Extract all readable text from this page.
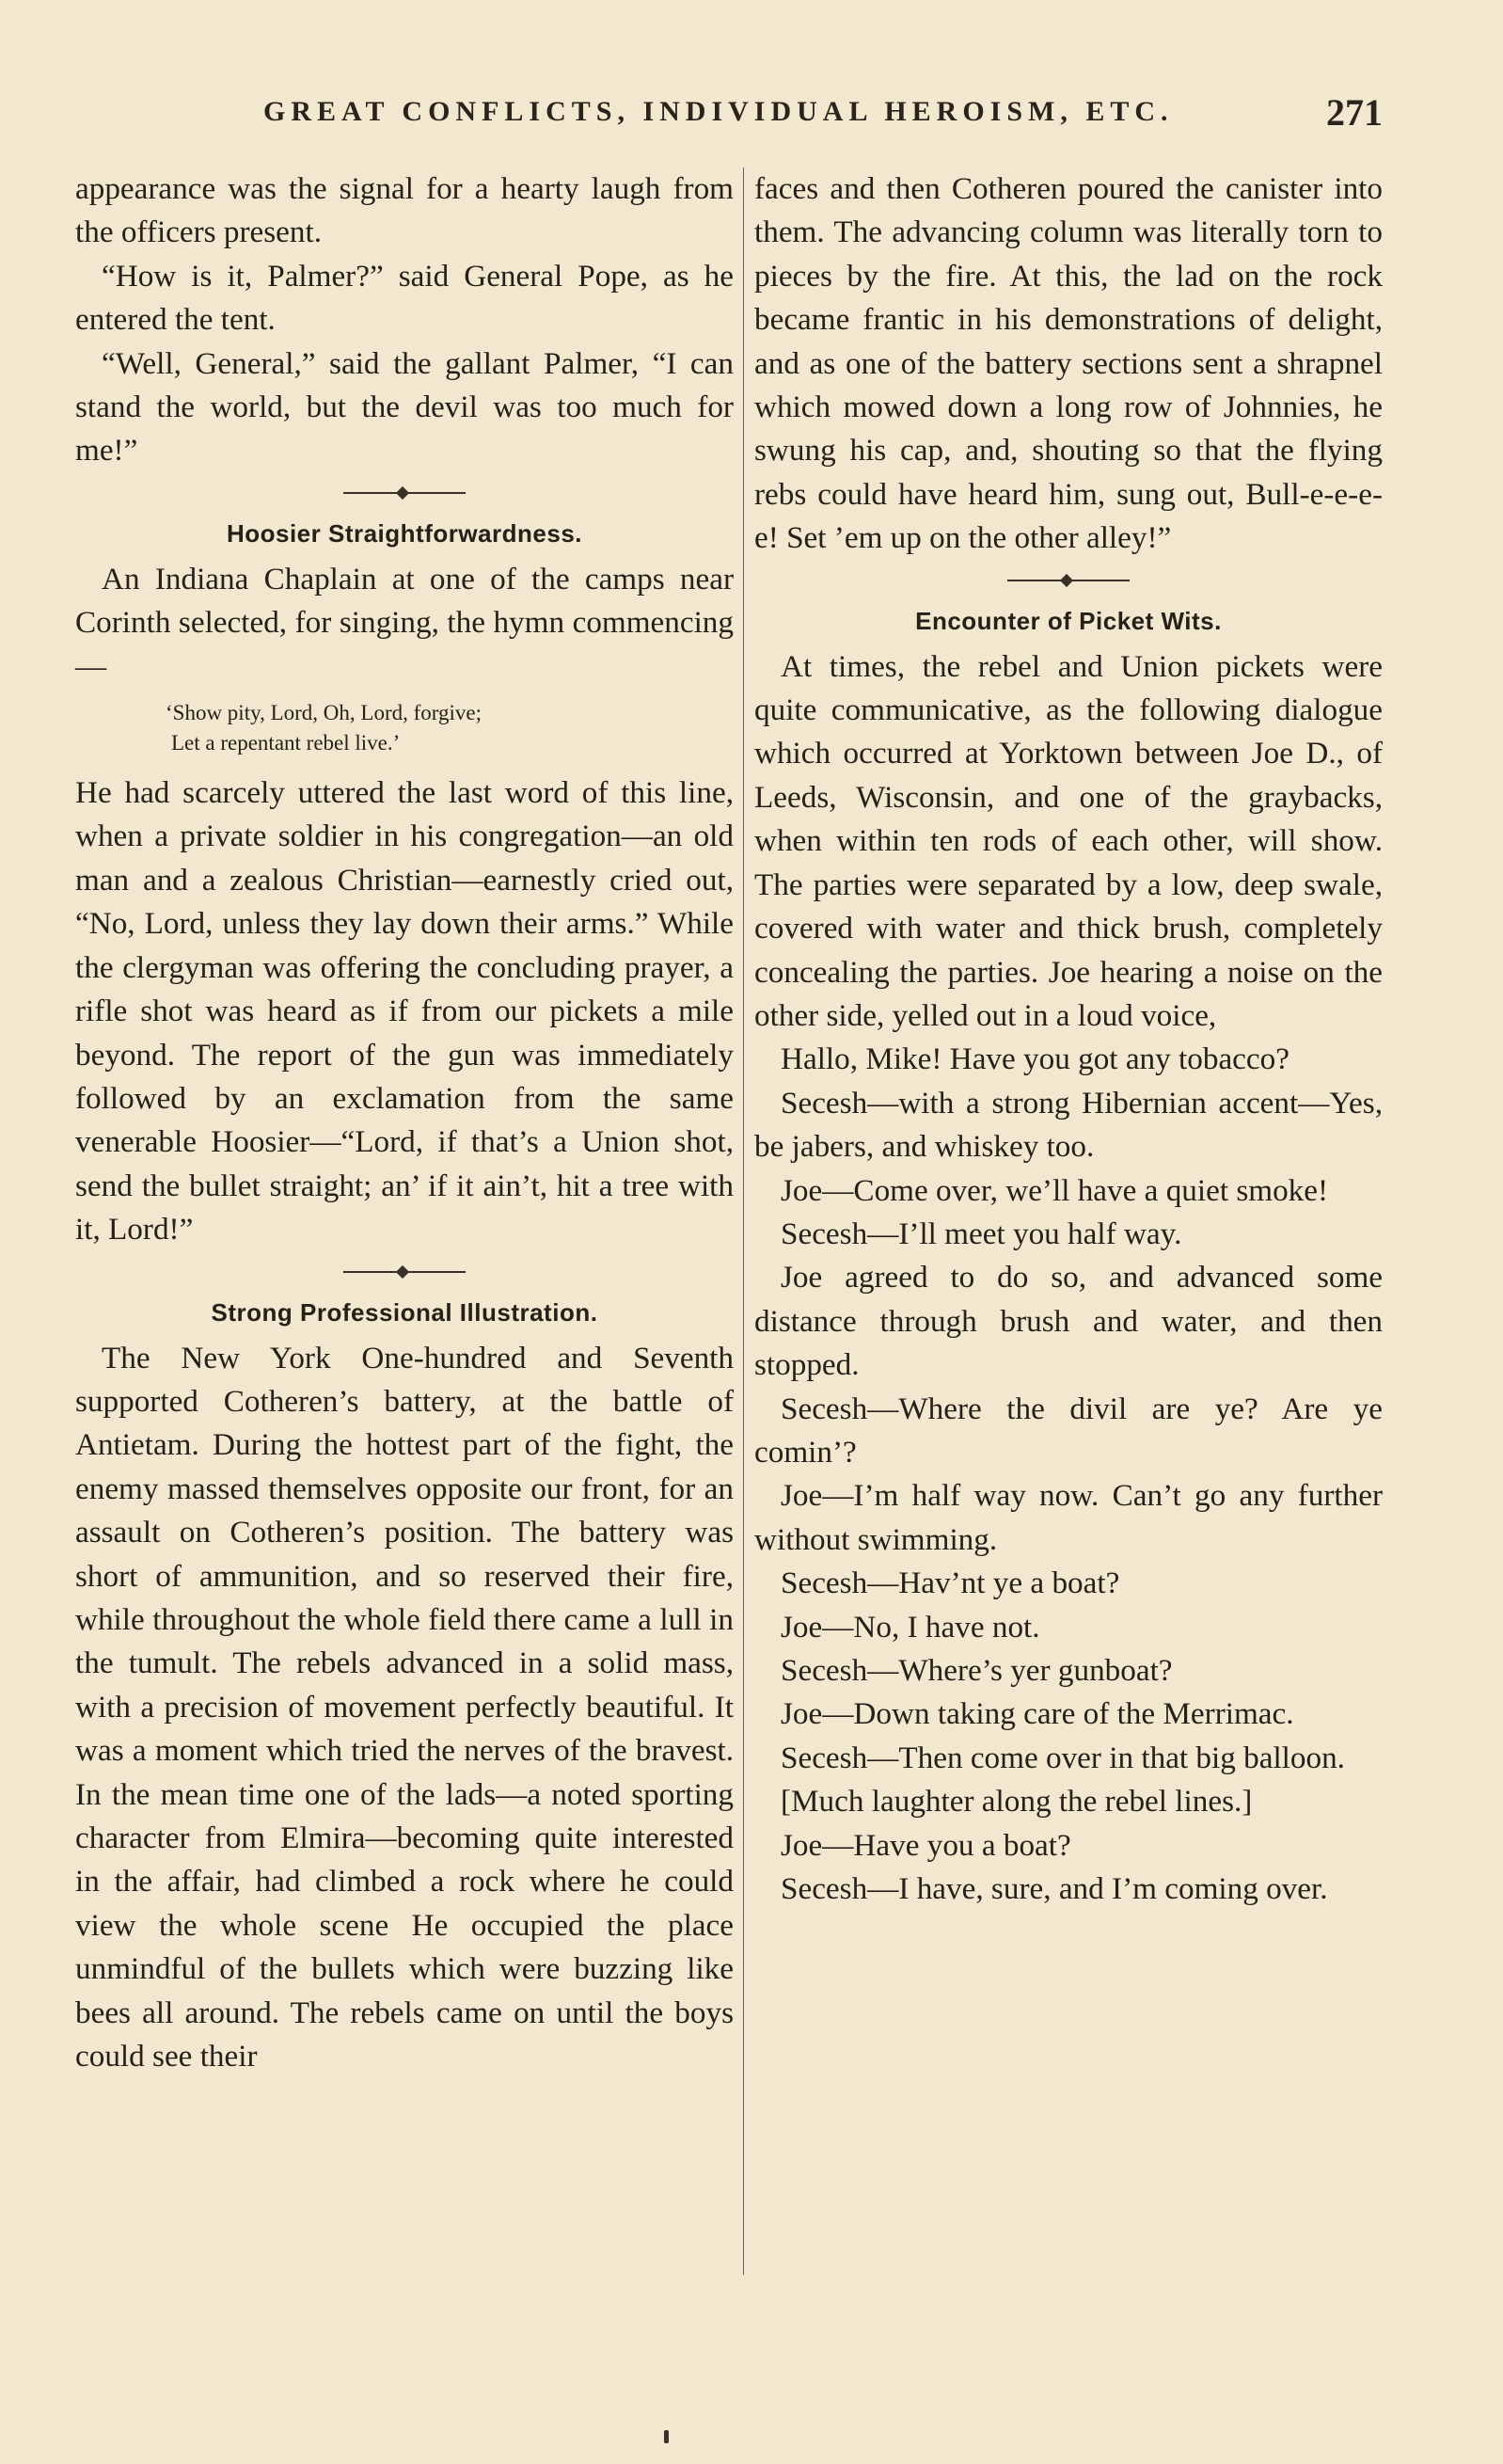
GREAT CONFLICTS, INDIVIDUAL HEROISM, ETC.	271

appearance was the signal for a hearty laugh from the officers present.

“How is it, Palmer?” said General Pope, as he entered the tent.

“Well, General,” said the gallant Palmer, “I can stand the world, but the devil was too much for me!”

Hoosier Straightforwardness.

An Indiana Chaplain at one of the camps near Corinth selected, for singing, the hymn commencing—

‘Show pity, Lord, Oh, Lord, forgive;
Let a repentant rebel live.’

He had scarcely uttered the last word of this line, when a private soldier in his congregation—an old man and a zealous Christian—earnestly cried out, “No, Lord, unless they lay down their arms.” While the clergyman was offering the concluding prayer, a rifle shot was heard as if from our pickets a mile beyond. The report of the gun was immediately followed by an exclamation from the same venerable Hoosier—“Lord, if that’s a Union shot, send the bullet straight; an’ if it ain’t, hit a tree with it, Lord!”

Strong Professional Illustration.

The New York One-hundred and Seventh supported Cotheren’s battery, at the battle of Antietam. During the hottest part of the fight, the enemy massed themselves opposite our front, for an assault on Cotheren’s position. The battery was short of ammunition, and so reserved their fire, while throughout the whole field there came a lull in the tumult. The rebels advanced in a solid mass, with a precision of movement perfectly beautiful. It was a moment which tried the nerves of the bravest. In the mean time one of the lads—a noted sporting character from Elmira—becoming quite interested in the affair, had climbed a rock where he could view the whole scene He occupied the place unmindful of the bullets which were buzzing like bees all around. The rebels came on until the boys could see their

faces and then Cotheren poured the canister into them. The advancing column was literally torn to pieces by the fire. At this, the lad on the rock became frantic in his demonstrations of delight, and as one of the battery sections sent a shrapnel which mowed down a long row of Johnnies, he swung his cap, and, shouting so that the flying rebs could have heard him, sung out, Bull-e-e-e-e! Set ’em up on the other alley!”

Encounter of Picket Wits.

At times, the rebel and Union pickets were quite communicative, as the following dialogue which occurred at Yorktown between Joe D., of Leeds, Wisconsin, and one of the graybacks, when within ten rods of each other, will show. The parties were separated by a low, deep swale, covered with water and thick brush, completely concealing the parties. Joe hearing a noise on the other side, yelled out in a loud voice,

Hallo, Mike! Have you got any tobacco?

Secesh—with a strong Hibernian accent—Yes, be jabers, and whiskey too.

Joe—Come over, we’ll have a quiet smoke!

Secesh—I’ll meet you half way.

Joe agreed to do so, and advanced some distance through brush and water, and then stopped.

Secesh—Where the divil are ye? Are ye comin’?

Joe—I’m half way now. Can’t go any further without swimming.

Secesh—Hav’nt ye a boat?

Joe—No, I have not.

Secesh—Where’s yer gunboat?

Joe—Down taking care of the Merrimac.

Secesh—Then come over in that big balloon.

[Much laughter along the rebel lines.]

Joe—Have you a boat?

Secesh—I have, sure, and I’m coming over.
